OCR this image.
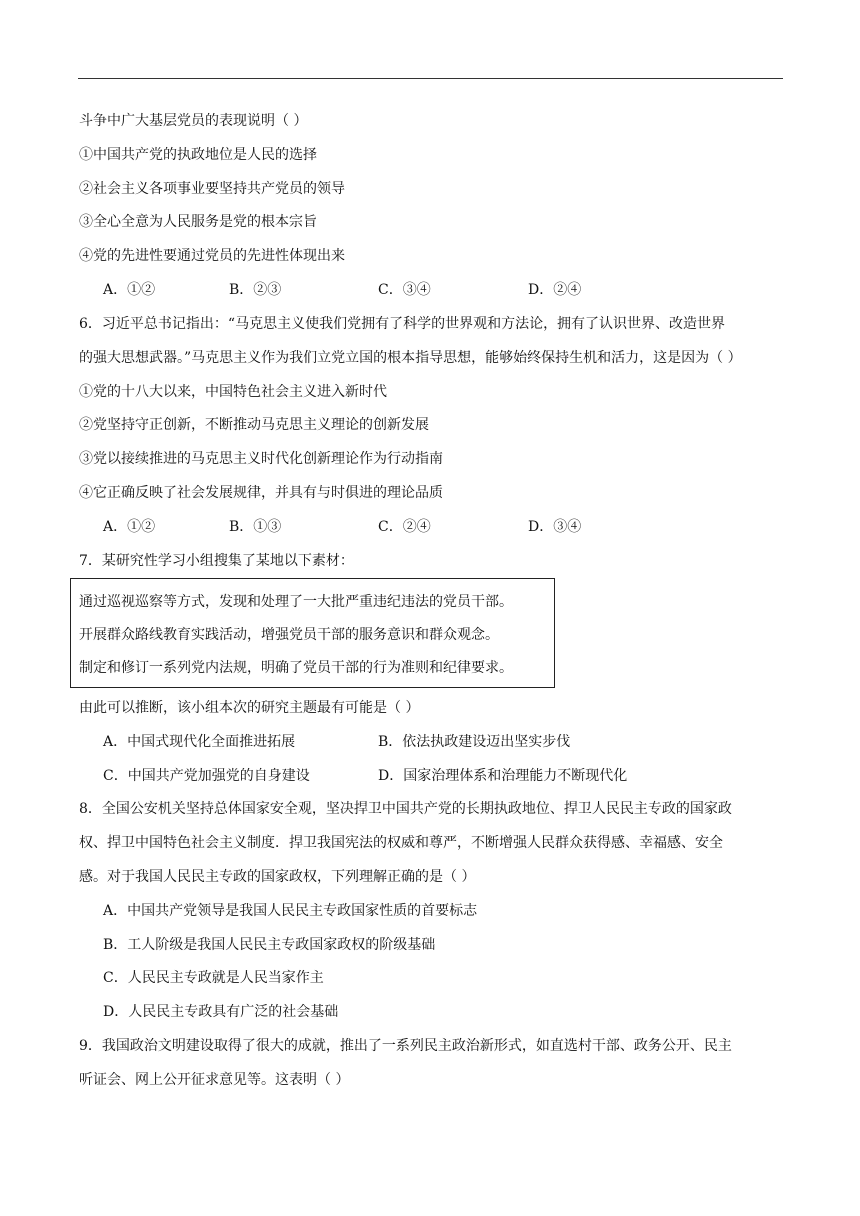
斗争中广大基层党员的表现说明（ ）
①中国共产党的执政地位是人民的选择
②社会主义各项事业要坚持共产党员的领导
③全心全意为人民服务是党的根本宗旨
④党的先进性要通过党员的先进性体现出来
A．①②	B．②③	C．③④	D．②④
6．习近平总书记指出：“马克思主义使我们党拥有了科学的世界观和方法论，拥有了认识世界、改造世界
的强大思想武器。”马克思主义作为我们立党立国的根本指导思想，能够始终保持生机和活力，这是因为（ ）
①党的十八大以来，中国特色社会主义进入新时代
②党坚持守正创新，不断推动马克思主义理论的创新发展
③党以接续推进的马克思主义时代化创新理论作为行动指南
④它正确反映了社会发展规律，并具有与时俱进的理论品质
A．①②	B．①③	C．②④	D．③④
7．某研究性学习小组搜集了某地以下素材：
通过巡视巡察等方式，发现和处理了一大批严重违纪违法的党员干部。
开展群众路线教育实践活动，增强党员干部的服务意识和群众观念。
制定和修订一系列党内法规，明确了党员干部的行为准则和纪律要求。
由此可以推断，该小组本次的研究主题最有可能是（ ）
A．中国式现代化全面推进拓展	B．依法执政建设迈出坚实步伐
C．中国共产党加强党的自身建设	D．国家治理体系和治理能力不断现代化
8．全国公安机关坚持总体国家安全观，坚决捍卫中国共产党的长期执政地位、捍卫人民民主专政的国家政
权、捍卫中国特色社会主义制度．捍卫我国宪法的权威和尊严，不断增强人民群众获得感、幸福感、安全
感。对于我国人民民主专政的国家政权，下列理解正确的是（ ）
A．中国共产党领导是我国人民民主专政国家性质的首要标志
B．工人阶级是我国人民民主专政国家政权的阶级基础
C．人民民主专政就是人民当家作主
D．人民民主专政具有广泛的社会基础
9．我国政治文明建设取得了很大的成就，推出了一系列民主政治新形式，如直选村干部、政务公开、民主
听证会、网上公开征求意见等。这表明（ ）
